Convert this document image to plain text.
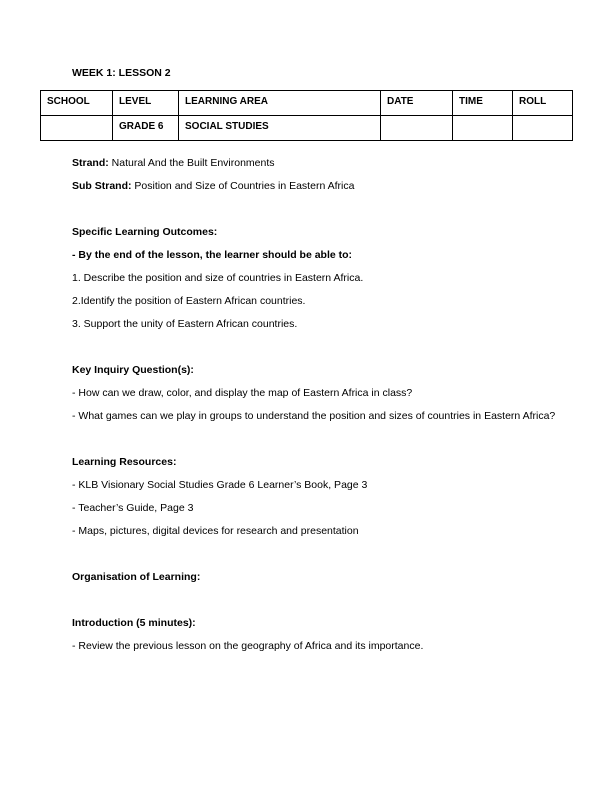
WEEK 1: LESSON 2
SCHOOL	LEVEL	LEARNING AREA	DATE	TIME	ROLL
	GRADE 6	SOCIAL STUDIES			

Strand: Natural And the Built Environments

Sub Strand: Position and Size of Countries in Eastern Africa

Specific Learning Outcomes:

- By the end of the lesson, the learner should be able to:

1. Describe the position and size of countries in Eastern Africa.

2.Identify the position of Eastern African countries.

3. Support the unity of Eastern African countries.

Key Inquiry Question(s):

- How can we draw, color, and display the map of Eastern Africa in class?

- What games can we play in groups to understand the position and sizes of countries in Eastern Africa?

Learning Resources:

- KLB Visionary Social Studies Grade 6 Learner’s Book, Page 3

- Teacher’s Guide, Page 3

- Maps, pictures, digital devices for research and presentation

Organisation of Learning:

Introduction (5 minutes):

- Review the previous lesson on the geography of Africa and its importance.
